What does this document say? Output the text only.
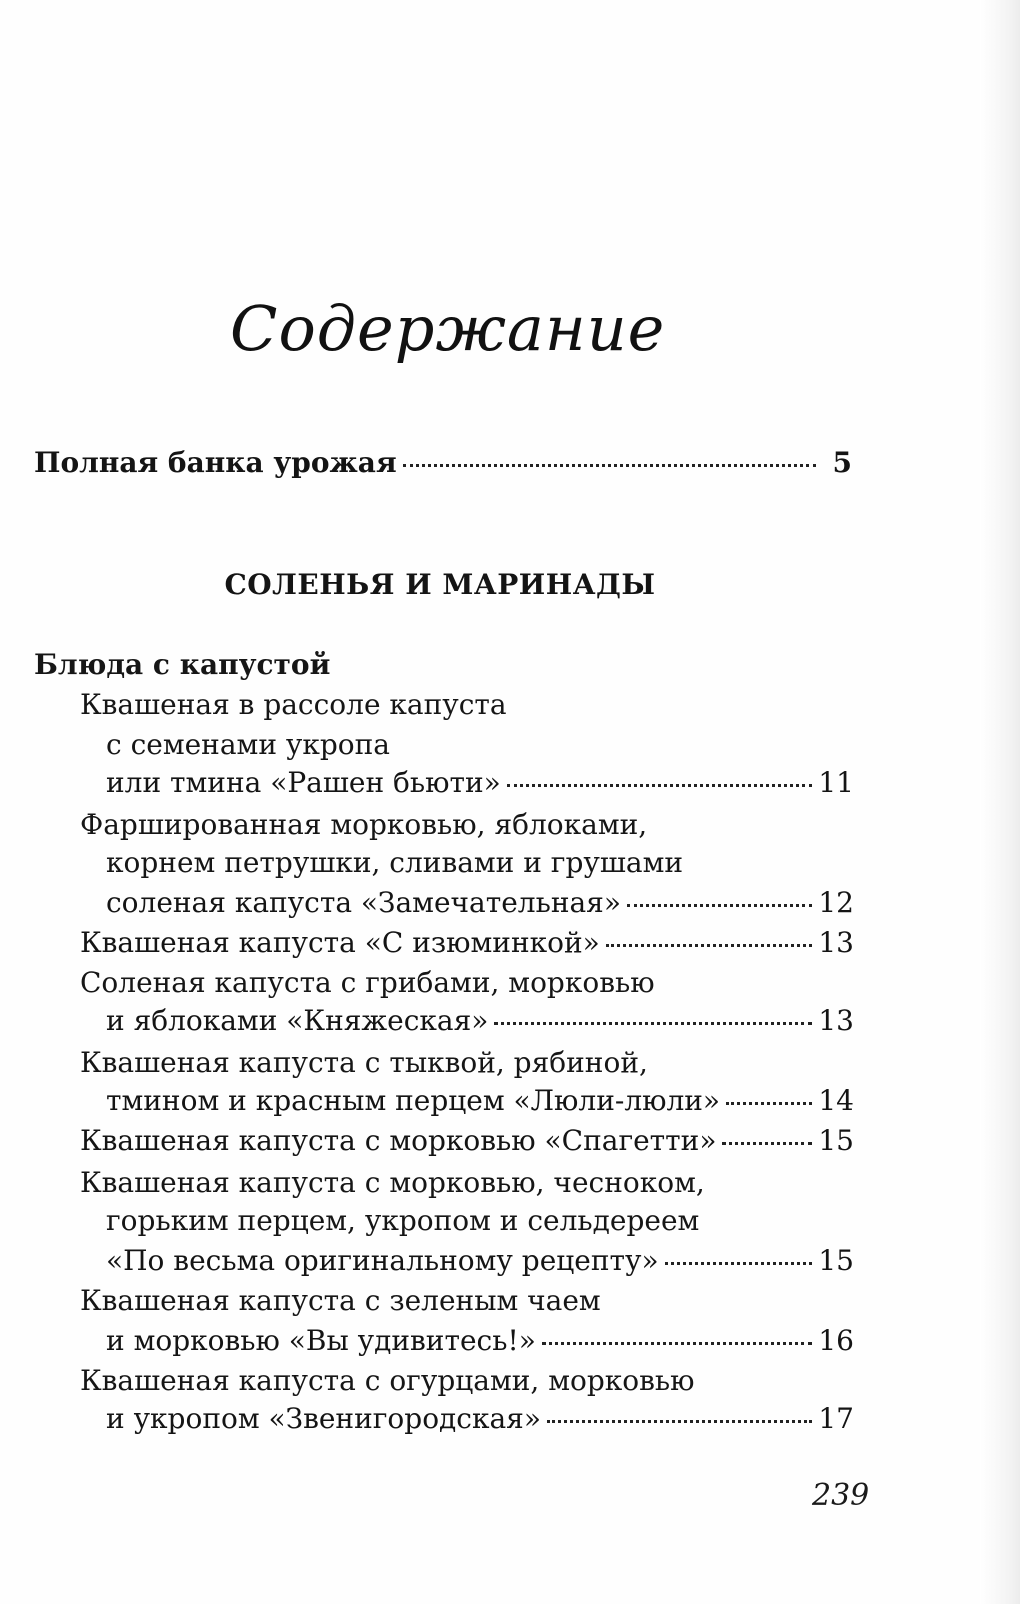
Содержание
Полная банка урожая	5
СОЛЕНЬЯ И МАРИНАДЫ
Блюда с капустой
Квашеная в рассоле капуста
с семенами укропа
или тмина «Рашен бьюти»	11
Фаршированная морковью, яблоками,
корнем петрушки, сливами и грушами
соленая капуста «Замечательная»	12
Квашеная капуста «С изюминкой»	13
Соленая капуста с грибами, морковью
и яблоками «Княжеская»	13
Квашеная капуста с тыквой, рябиной,
тмином и красным перцем «Люли-люли»	14
Квашеная капуста с морковью «Спагетти»	15
Квашеная капуста с морковью, чесноком,
горьким перцем, укропом и сельдереем
«По весьма оригинальному рецепту»	15
Квашеная капуста с зеленым чаем
и морковью «Вы удивитесь!»	16
Квашеная капуста с огурцами, морковью
и укропом «Звенигородская»	17
239
